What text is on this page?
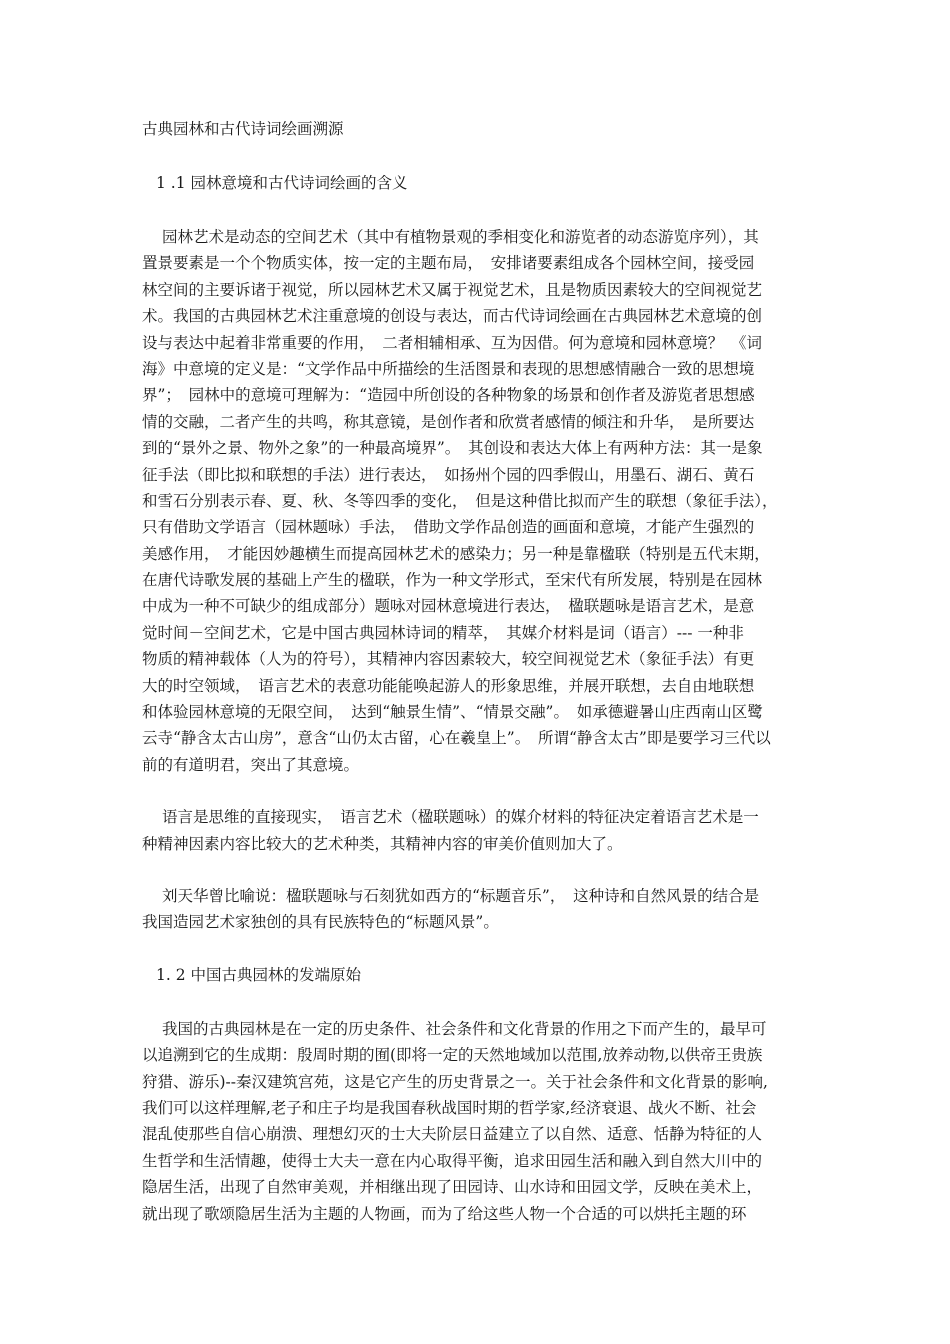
古典园林和古代诗词绘画溯源
1 .1 园林意境和古代诗词绘画的含义
园林艺术是动态的空间艺术（其中有植物景观的季相变化和游览者的动态游览序列），其
置景要素是一个个物质实体，按一定的主题布局，　安排诸要素组成各个园林空间，接受园
林空间的主要诉诸于视觉，所以园林艺术又属于视觉艺术，且是物质因素较大的空间视觉艺
术。我国的古典园林艺术注重意境的创设与表达，而古代诗词绘画在古典园林艺术意境的创
设与表达中起着非常重要的作用，　二者相辅相承、互为因借。何为意境和园林意境？　《词
海》中意境的定义是：“文学作品中所描绘的生活图景和表现的思想感情融合一致的思想境
界”；　园林中的意境可理解为：“造园中所创设的各种物象的场景和创作者及游览者思想感
情的交融，二者产生的共鸣，称其意镜，是创作者和欣赏者感情的倾注和升华，　是所要达
到的“景外之景、物外之象”的一种最高境界”。　其创设和表达大体上有两种方法：其一是象
征手法（即比拟和联想的手法）进行表达，　如扬州个园的四季假山，用墨石、湖石、黄石
和雪石分别表示春、夏、秋、冬等四季的变化，　但是这种借比拟而产生的联想（象征手法），
只有借助文学语言（园林题咏）手法，　借助文学作品创造的画面和意境，才能产生强烈的
美感作用，　才能因妙趣横生而提高园林艺术的感染力；另一种是靠楹联（特别是五代末期，
在唐代诗歌发展的基础上产生的楹联，作为一种文学形式，至宋代有所发展，特别是在园林
中成为一种不可缺少的组成部分）题咏对园林意境进行表达，　楹联题咏是语言艺术，是意
觉时间－空间艺术，它是中国古典园林诗词的精萃，　其媒介材料是词（语言）--- 一种非
物质的精神载体（人为的符号），其精神内容因素较大，较空间视觉艺术（象征手法）有更
大的时空领域，　语言艺术的表意功能能唤起游人的形象思维，并展开联想，去自由地联想
和体验园林意境的无限空间，　达到“触景生情”、“情景交融”。　如承德避暑山庄西南山区鹭
云寺“静含太古山房”，意含“山仍太古留，心在羲皇上”。　所谓“静含太古”即是要学习三代以
前的有道明君，突出了其意境。
语言是思维的直接现实，　语言艺术（楹联题咏）的媒介材料的特征决定着语言艺术是一
种精神因素内容比较大的艺术种类，其精神内容的审美价值则加大了。
刘天华曾比喻说：楹联题咏与石刻犹如西方的“标题音乐”，　这种诗和自然风景的结合是
我国造园艺术家独创的具有民族特色的“标题风景”。
1. 2 中国古典园林的发端原始
我国的古典园林是在一定的历史条件、社会条件和文化背景的作用之下而产生的，最早可
以追溯到它的生成期：殷周时期的囿(即将一定的天然地域加以范围,放养动物,以供帝王贵族
狩猎、游乐)--秦汉建筑宫苑，这是它产生的历史背景之一。关于社会条件和文化背景的影响,
我们可以这样理解,老子和庄子均是我国春秋战国时期的哲学家,经济衰退、战火不断、社会
混乱使那些自信心崩溃、理想幻灭的士大夫阶层日益建立了以自然、适意、恬静为特征的人
生哲学和生活情趣，使得士大夫一意在内心取得平衡，追求田园生活和融入到自然大川中的
隐居生活，出现了自然审美观，并相继出现了田园诗、山水诗和田园文学，反映在美术上，
就出现了歌颂隐居生活为主题的人物画，而为了给这些人物一个合适的可以烘托主题的环
